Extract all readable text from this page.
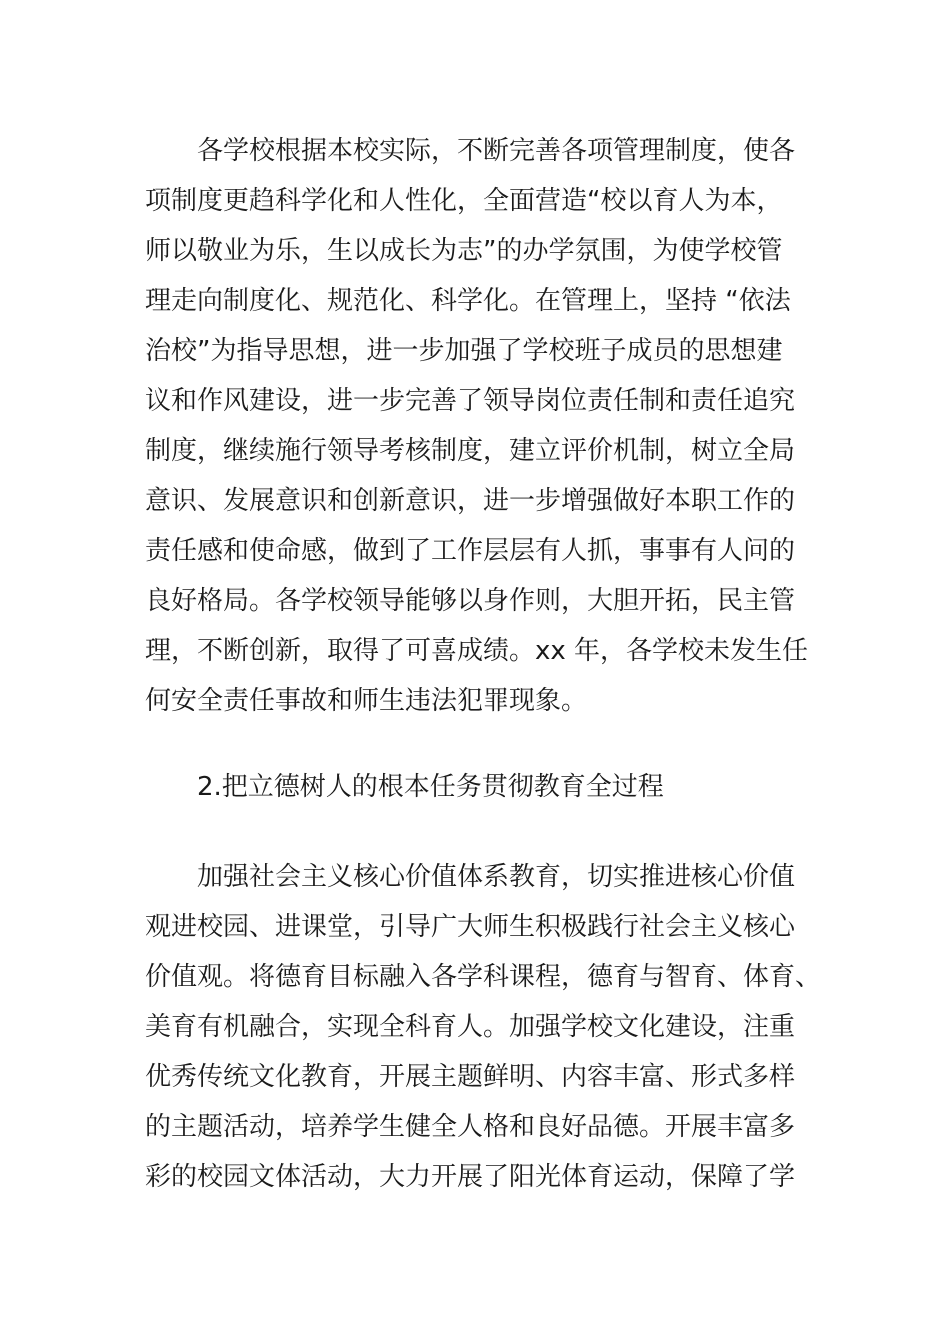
各学校根据本校实际，不断完善各项管理制度，使各
项制度更趋科学化和人性化，全面营造“校以育人为本，
师以敬业为乐，生以成长为志”的办学氛围，为使学校管
理走向制度化、规范化、科学化。在管理上，坚持 “依法
治校”为指导思想，进一步加强了学校班子成员的思想建
议和作风建设，进一步完善了领导岗位责任制和责任追究
制度，继续施行领导考核制度，建立评价机制，树立全局
意识、发展意识和创新意识，进一步增强做好本职工作的
责任感和使命感，做到了工作层层有人抓，事事有人问的
良好格局。各学校领导能够以身作则，大胆开拓，民主管
理，不断创新，取得了可喜成绩。xx 年，各学校未发生任
何安全责任事故和师生违法犯罪现象。
2.把立德树人的根本任务贯彻教育全过程
加强社会主义核心价值体系教育，切实推进核心价值
观进校园、进课堂，引导广大师生积极践行社会主义核心
价值观。将德育目标融入各学科课程，德育与智育、体育、
美育有机融合，实现全科育人。加强学校文化建设，注重
优秀传统文化教育，开展主题鲜明、内容丰富、形式多样
的主题活动，培养学生健全人格和良好品德。开展丰富多
彩的校园文体活动，大力开展了阳光体育运动，保障了学
